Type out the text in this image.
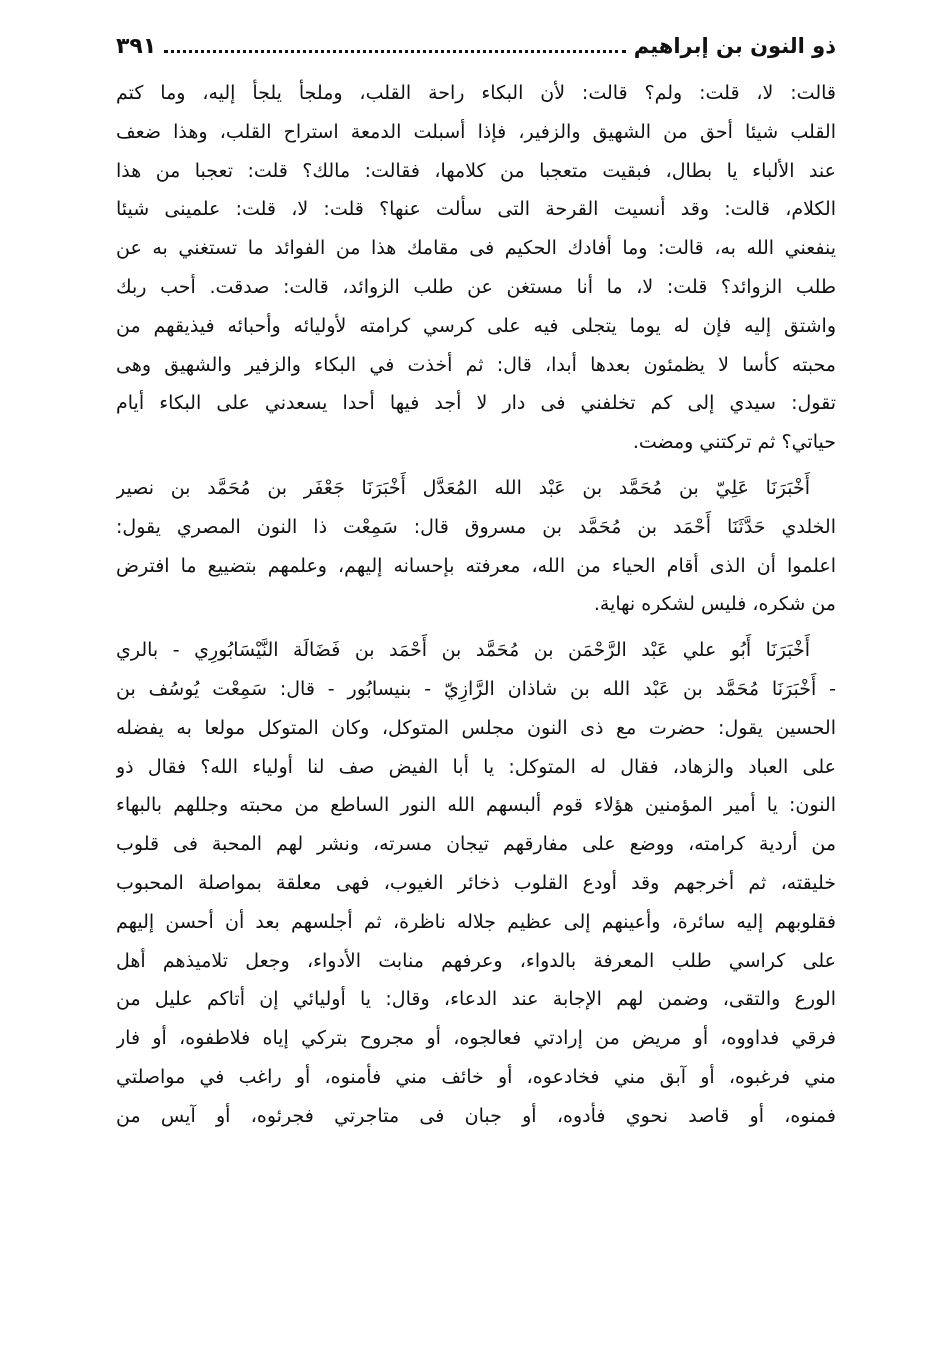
ذو النون بن إبراهيم
٣٩١
قالت: لا، قلت: ولم؟ قالت: لأن البكاء راحة القلب، وملجأ يلجأ إليه، وما كتم
القلب شيئا أحق من الشهيق والزفير، فإذا أسبلت الدمعة استراح القلب، وهذا ضعف
عند الألباء يا بطال، فبقيت متعجبا من كلامها، فقالت: مالك؟ قلت: تعجبا من هذا
الكلام، قالت: وقد أنسيت القرحة التى سألت عنها؟ قلت: لا، قلت: علمينى شيئا
ينفعني الله به، قالت: وما أفادك الحكيم فى مقامك هذا من الفوائد ما تستغني به عن
طلب الزوائد؟ قلت: لا، ما أنا مستغن عن طلب الزوائد، قالت: صدقت. أحب ربك
واشتق إليه فإن له يوما يتجلى فيه على كرسي كرامته لأوليائه وأحبائه فيذيقهم من
محبته كأسا لا يظمئون بعدها أبدا، قال: ثم أخذت في البكاء والزفير والشهيق وهى
تقول: سيدي إلى كم تخلفني فى دار لا أجد فيها أحدا يسعدني على البكاء أيام
حياتي؟ ثم تركتني ومضت.
أَخْبَرَنَا عَلِيّ بن مُحَمَّد بن عَبْد الله المُعَدَّل أَخْبَرَنَا جَعْفَر بن مُحَمَّد بن نصير
الخلدي حَدَّثَنَا أَحْمَد بن مُحَمَّد بن مسروق قال: سَمِعْت ذا النون المصري يقول:
اعلموا أن الذى أقام الحياء من الله، معرفته بإحسانه إليهم، وعلمهم بتضييع ما افترض
من شكره، فليس لشكره نهاية.
أَخْبَرَنَا أَبُو علي عَبْد الرَّحْمَن بن مُحَمَّد بن أَحْمَد بن فَضَالَة النَّيْسَابُورِي - بالري
- أَخْبَرَنَا مُحَمَّد بن عَبْد الله بن شاذان الرَّازِيّ - بنيسابُور - قال: سَمِعْت يُوسُف بن
الحسين يقول: حضرت مع ذى النون مجلس المتوكل، وكان المتوكل مولعا به يفضله
على العباد والزهاد، فقال له المتوكل: يا أبا الفيض صف لنا أولياء الله؟ فقال ذو
النون: يا أمير المؤمنين هؤلاء قوم ألبسهم الله النور الساطع من محبته وجللهم بالبهاء
من أردية كرامته، ووضع على مفارقهم تيجان مسرته، ونشر لهم المحبة فى قلوب
خليقته، ثم أخرجهم وقد أودع القلوب ذخائر الغيوب، فهى معلقة بمواصلة المحبوب
فقلوبهم إليه سائرة، وأعينهم إلى عظيم جلاله ناظرة، ثم أجلسهم بعد أن أحسن إليهم
على كراسي طلب المعرفة بالدواء، وعرفهم منابت الأدواء، وجعل تلاميذهم أهل
الورع والتقى، وضمن لهم الإجابة عند الدعاء، وقال: يا أوليائي إن أتاكم عليل من
فرقي فداووه، أو مريض من إرادتي فعالجوه، أو مجروح بتركي إياه فلاطفوه، أو فار
مني فرغبوه، أو آبق مني فخادعوه، أو خائف مني فأمنوه، أو راغب في مواصلتي
فمنوه، أو قاصد نحوي فأدوه، أو جبان فى متاجرتي فجرئوه، أو آيس من
